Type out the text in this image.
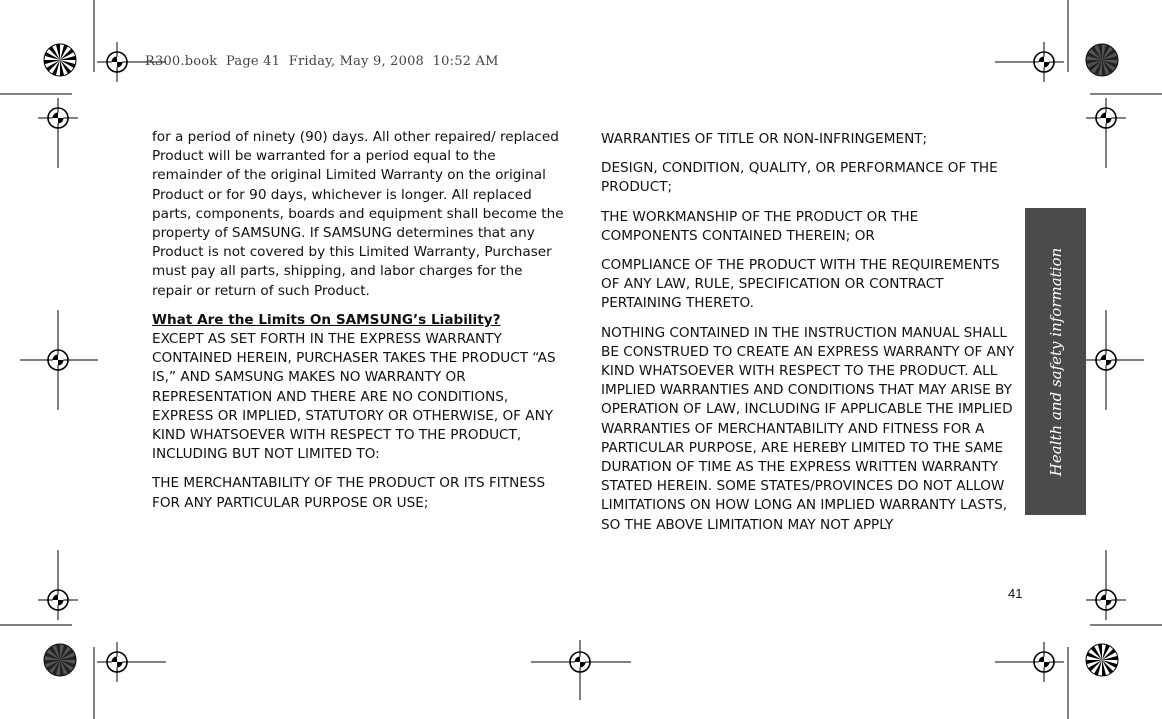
R300.book  Page 41  Friday, May 9, 2008  10:52 AM

for a period of ninety (90) days. All other repaired/ replaced Product will be warranted for a period equal to the remainder of the original Limited Warranty on the original Product or for 90 days, whichever is longer. All replaced parts, components, boards and equipment shall become the property of SAMSUNG. If SAMSUNG determines that any Product is not covered by this Limited Warranty, Purchaser must pay all parts, shipping, and labor charges for the repair or return of such Product.

What Are the Limits On SAMSUNG’s Liability?
EXCEPT AS SET FORTH IN THE EXPRESS WARRANTY CONTAINED HEREIN, PURCHASER TAKES THE PRODUCT “AS IS,” AND SAMSUNG MAKES NO WARRANTY OR REPRESENTATION AND THERE ARE NO CONDITIONS, EXPRESS OR IMPLIED, STATUTORY OR OTHERWISE, OF ANY KIND WHATSOEVER WITH RESPECT TO THE PRODUCT, INCLUDING BUT NOT LIMITED TO:

THE MERCHANTABILITY OF THE PRODUCT OR ITS FITNESS FOR ANY PARTICULAR PURPOSE OR USE;

WARRANTIES OF TITLE OR NON-INFRINGEMENT;

DESIGN, CONDITION, QUALITY, OR PERFORMANCE OF THE PRODUCT;

THE WORKMANSHIP OF THE PRODUCT OR THE COMPONENTS CONTAINED THEREIN; OR

COMPLIANCE OF THE PRODUCT WITH THE REQUIREMENTS OF ANY LAW, RULE, SPECIFICATION OR CONTRACT PERTAINING THERETO.

NOTHING CONTAINED IN THE INSTRUCTION MANUAL SHALL BE CONSTRUED TO CREATE AN EXPRESS WARRANTY OF ANY KIND WHATSOEVER WITH RESPECT TO THE PRODUCT. ALL IMPLIED WARRANTIES AND CONDITIONS THAT MAY ARISE BY OPERATION OF LAW, INCLUDING IF APPLICABLE THE IMPLIED WARRANTIES OF MERCHANTABILITY AND FITNESS FOR A PARTICULAR PURPOSE, ARE HEREBY LIMITED TO THE SAME DURATION OF TIME AS THE EXPRESS WRITTEN WARRANTY STATED HEREIN. SOME STATES/PROVINCES DO NOT ALLOW LIMITATIONS ON HOW LONG AN IMPLIED WARRANTY LASTS, SO THE ABOVE LIMITATION MAY NOT APPLY

Health and safety information
41
